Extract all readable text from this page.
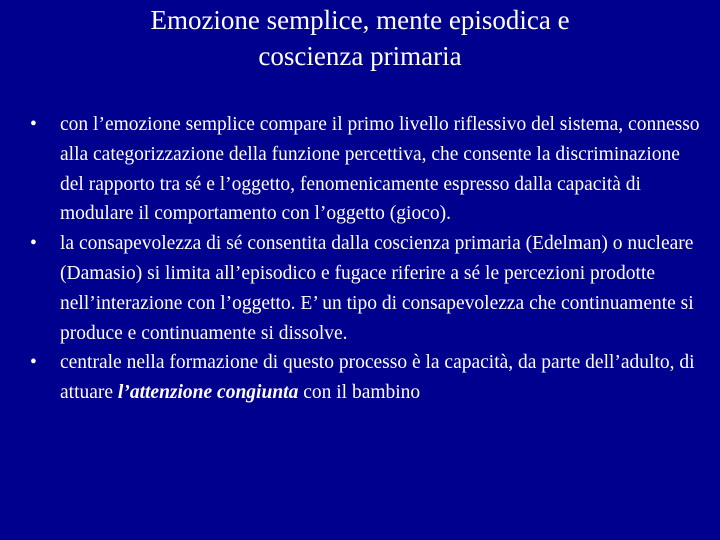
Emozione semplice, mente episodica e
coscienza primaria
•	con l’emozione semplice compare il primo livello riflessivo del sistema, connesso alla categorizzazione della funzione percettiva, che consente la discriminazione del rapporto tra sé e l’oggetto, fenomenicamente espresso dalla capacità di modulare il comportamento con l’oggetto (gioco).
•	la consapevolezza di sé consentita dalla coscienza primaria (Edelman) o nucleare (Damasio) si limita all’episodico e fugace riferire a sé le percezioni prodotte nell’interazione con l’oggetto. E’ un tipo di consapevolezza che continuamente si produce e continuamente si dissolve.
•	centrale nella formazione di questo processo è la capacità, da parte dell’adulto, di attuare l’attenzione congiunta con il bambino
